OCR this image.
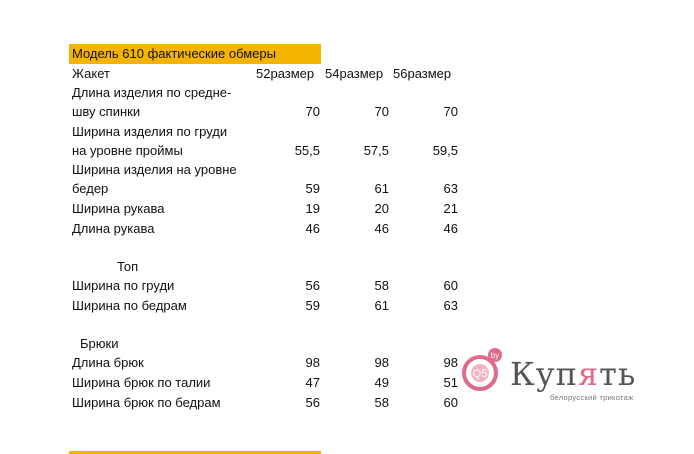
Модель 610 фактические обмеры
Жакет	52размер 54размер 56размер
Длина изделия по средне-
шву спинки	70	70	70
Ширина изделия по груди
на уровне проймы	55,5	57,5	59,5
Ширина изделия на уровне
бедер	59	61	63
Ширина рукава	19	20	21
Длина рукава	46	46	46
Топ
Ширина по груди	56	58	60
Ширина по бедрам	59	61	63
Брюки
Длина брюк	98	98	98
Ширина брюк по талии	47	49	51
Ширина брюк по бедрам	56	58	60
by
Q5 Купять
белорусский трикотаж
